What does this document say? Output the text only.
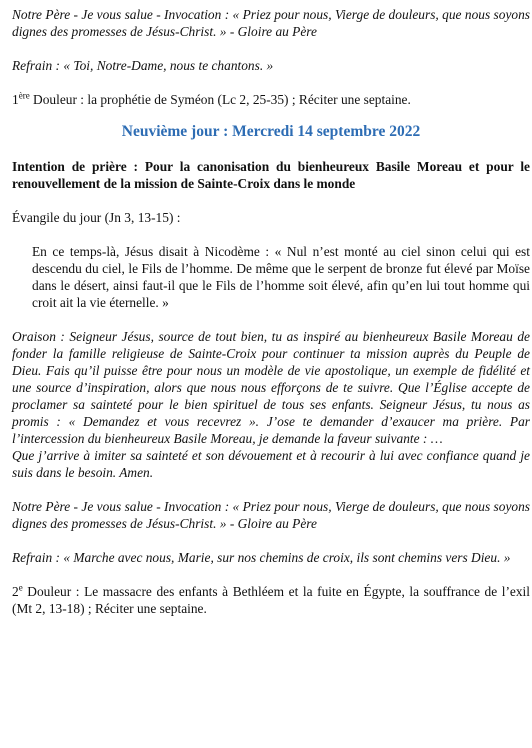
Notre Père - Je vous salue - Invocation : « Priez pour nous, Vierge de douleurs, que nous soyons dignes des promesses de Jésus-Christ. » - Gloire au Père

Refrain : « Toi, Notre-Dame, nous te chantons. »

1ère Douleur : la prophétie de Syméon (Lc 2, 25-35) ; Réciter une septaine.

Neuvième jour : Mercredi 14 septembre 2022

Intention de prière : Pour la canonisation du bienheureux Basile Moreau et pour le renouvellement de la mission de Sainte-Croix dans le monde

Évangile du jour (Jn 3, 13-15) :

En ce temps-là, Jésus disait à Nicodème : « Nul n’est monté au ciel sinon celui qui est descendu du ciel, le Fils de l’homme. De même que le serpent de bronze fut élevé par Moïse dans le désert, ainsi faut-il que le Fils de l’homme soit élevé, afin qu’en lui tout homme qui croit ait la vie éternelle. »

Oraison : Seigneur Jésus, source de tout bien, tu as inspiré au bienheureux Basile Moreau de fonder la famille religieuse de Sainte-Croix pour continuer ta mission auprès du Peuple de Dieu. Fais qu’il puisse être pour nous un modèle de vie apostolique, un exemple de fidélité et une source d’inspiration, alors que nous nous efforçons de te suivre. Que l’Église accepte de proclamer sa sainteté pour le bien spirituel de tous ses enfants. Seigneur Jésus, tu nous as promis : « Demandez et vous recevrez ». J’ose te demander d’exaucer ma prière. Par l’intercession du bienheureux Basile Moreau, je demande la faveur suivante : …

Que j’arrive à imiter sa sainteté et son dévouement et à recourir à lui avec confiance quand je suis dans le besoin. Amen.

Notre Père - Je vous salue - Invocation : « Priez pour nous, Vierge de douleurs, que nous soyons dignes des promesses de Jésus-Christ. » - Gloire au Père

Refrain : « Marche avec nous, Marie, sur nos chemins de croix, ils sont chemins vers Dieu. »

2e Douleur : Le massacre des enfants à Bethléem et la fuite en Égypte, la souffrance de l’exil (Mt 2, 13-18) ; Réciter une septaine.
